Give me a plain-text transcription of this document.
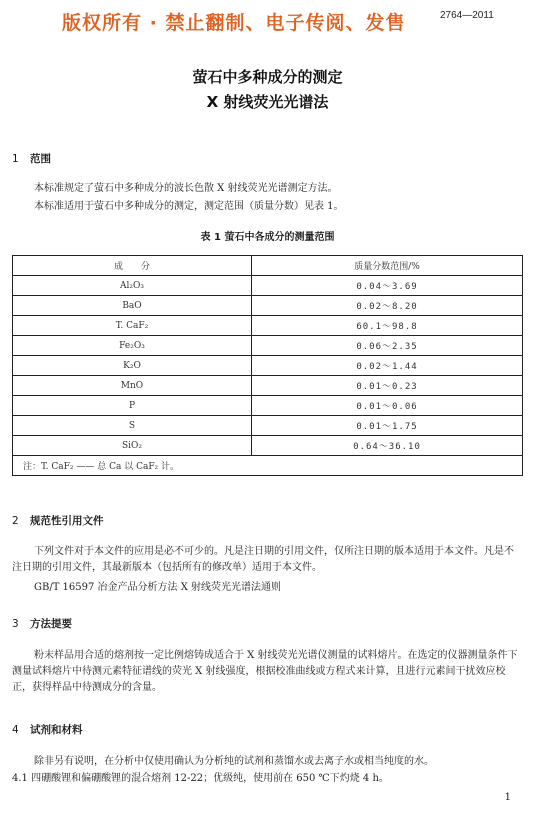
版权所有 · 禁止翻制、电子传阅、发售	2764—2011
萤石中多种成分的测定
X 射线荧光光谱法
1 范围
本标准规定了萤石中多种成分的波长色散 X 射线荧光光谱测定方法。
本标准适用于萤石中多种成分的测定，测定范围（质量分数）见表 1。
表 1 萤石中各成分的测量范围
成　　分	质量分数范围/%
Al₂O₃	0.04～3.69
BaO	0.02～8.20
T. CaF₂	60.1～98.8
Fe₂O₃	0.06～2.35
K₂O	0.02～1.44
MnO	0.01～0.23
P	0.01～0.06
S	0.01～1.75
SiO₂	0.64～36.10
注：T. CaF₂ —— 总 Ca 以 CaF₂ 计。	
2 规范性引用文件
下列文件对于本文件的应用是必不可少的。凡是注日期的引用文件，仅所注日期的版本适用于本文件。凡是不注日期的引用文件，其最新版本（包括所有的修改单）适用于本文件。
GB/T 16597 冶金产品分析方法 X 射线荧光光谱法通则
3 方法提要
粉末样品用合适的熔剂按一定比例熔铸成适合于 X 射线荧光光谱仪测量的试料熔片。在选定的仪器测量条件下测量试料熔片中待测元素特征谱线的荧光 X 射线强度，根据校准曲线或方程式来计算，且进行元素间干扰效应校正，获得样品中待测成分的含量。
4 试剂和材料
除非另有说明，在分析中仅使用确认为分析纯的试剂和蒸馏水或去离子水或相当纯度的水。
4.1 四硼酸锂和偏硼酸锂的混合熔剂 12-22；优级纯，使用前在 650 ℃下灼烧 4 h。
1
